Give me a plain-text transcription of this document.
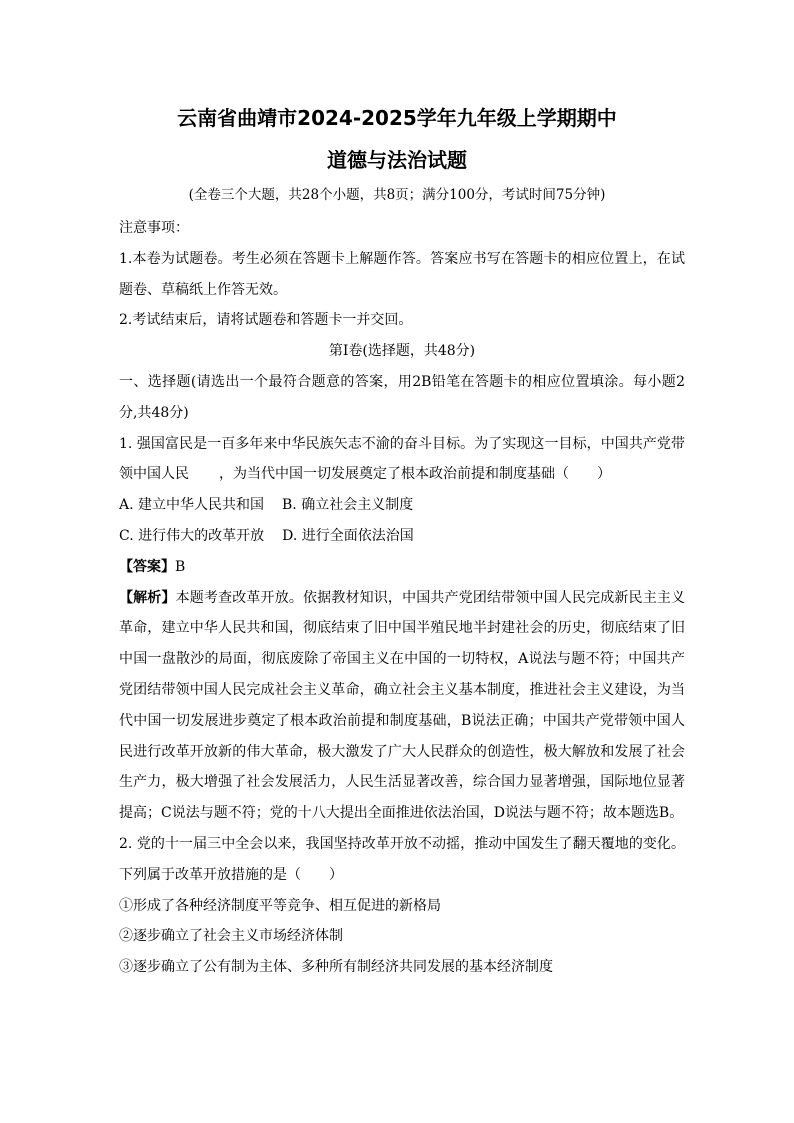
云南省曲靖市2024-2025学年九年级上学期期中
道德与法治试题
(全卷三个大题，共28个小题，共8页；满分100分，考试时间75分钟)

注意事项：

1.本卷为试题卷。考生必须在答题卡上解题作答。答案应书写在答题卡的相应位置上，在试题卷、草稿纸上作答无效。

2.考试结束后，请将试题卷和答题卡一并交回。

第Ⅰ卷(选择题，共48分)

一、选择题(请选出一个最符合题意的答案，用2B铅笔在答题卡的相应位置填涂。每小题2分,共48分)

1. 强国富民是一百多年来中华民族矢志不渝的奋斗目标。为了实现这一目标，中国共产党带领中国人民 ，为当代中国一切发展奠定了根本政治前提和制度基础（　　）

A. 建立中华人民共和国 B. 确立社会主义制度

C. 进行伟大的改革开放 D. 进行全面依法治国

【答案】B

【解析】本题考查改革开放。依据教材知识，中国共产党团结带领中国人民完成新民主主义革命，建立中华人民共和国，彻底结束了旧中国半殖民地半封建社会的历史，彻底结束了旧中国一盘散沙的局面，彻底废除了帝国主义在中国的一切特权，A说法与题不符；中国共产党团结带领中国人民完成社会主义革命，确立社会主义基本制度，推进社会主义建设，为当代中国一切发展进步奠定了根本政治前提和制度基础，B说法正确；中国共产党带领中国人民进行改革开放新的伟大革命，极大激发了广大人民群众的创造性，极大解放和发展了社会生产力，极大增强了社会发展活力，人民生活显著改善，综合国力显著增强，国际地位显著提高；C说法与题不符；党的十八大提出全面推进依法治国，D说法与题不符；故本题选B。

2. 党的十一届三中全会以来，我国坚持改革开放不动摇，推动中国发生了翻天覆地的变化。下列属于改革开放措施的是（　　）

①形成了各种经济制度平等竞争、相互促进的新格局

②逐步确立了社会主义市场经济体制

③逐步确立了公有制为主体、多种所有制经济共同发展的基本经济制度
